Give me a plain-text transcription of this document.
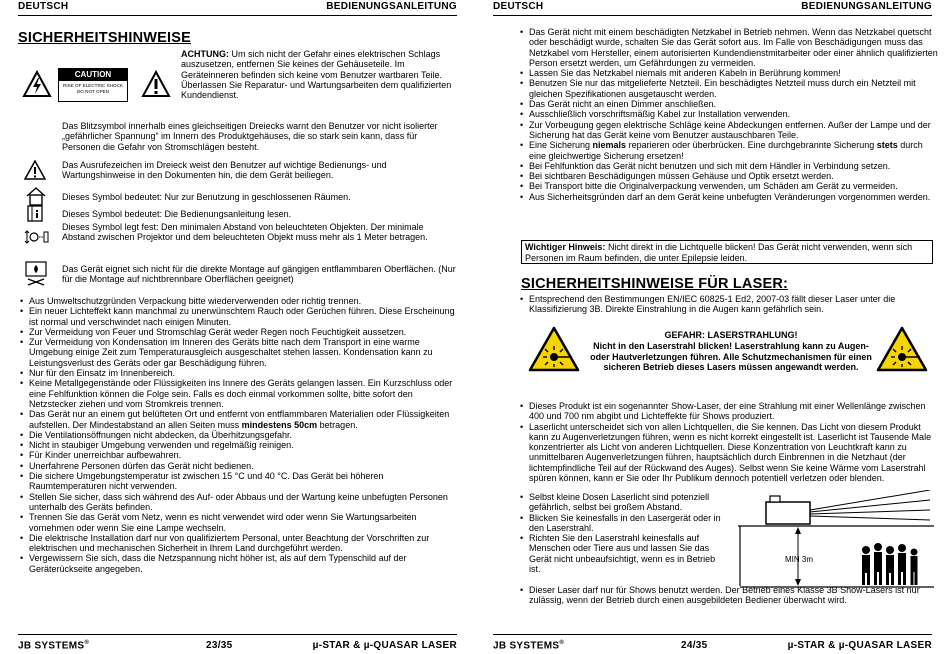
DEUTSCH	BEDIENUNGSANLEITUNG
SICHERHEITSHINWEISE
CAUTION
RISK OF ELECTRIC SHOCK DO NOT OPEN
ACHTUNG: Um sich nicht der Gefahr eines elektrischen Schlags auszusetzen, entfernen Sie keines der Gehäuseteile. Im Geräteinneren befinden sich keine vom Benutzer wartbaren Teile. Überlassen Sie Reparatur- und Wartungsarbeiten dem qualifizierten Kundendienst.
Das Blitzsymbol innerhalb eines gleichseitigen Dreiecks warnt den Benutzer vor nicht isolierter „gefährlicher Spannung“ im Innern des Produktgehäuses, die so stark sein kann, dass für Personen die Gefahr von Stromschlägen besteht.
Das Ausrufezeichen im Dreieck weist den Benutzer auf wichtige Bedienungs- und Wartungshinweise in den Dokumenten hin, die dem Gerät beiliegen.
Dieses Symbol bedeutet: Nur zur Benutzung in geschlossenen Räumen.
Dieses Symbol bedeutet: Die Bedienungsanleitung lesen.
Dieses Symbol legt fest: Den minimalen Abstand von beleuchteten Objekten. Der minimale Abstand zwischen Projektor und dem beleuchteten Objekt muss mehr als 1 Meter betragen.
Das Gerät eignet sich nicht für die direkte Montage auf gängigen entflammbaren Oberflächen. (Nur für die Montage auf nichtbrennbare Oberflächen geeignet)
• Aus Umweltschutzgründen Verpackung bitte wiederverwenden oder richtig trennen.
• Ein neuer Lichteffekt kann manchmal zu unerwünschtem Rauch oder Gerüchen führen. Diese Erscheinung ist normal und verschwindet nach einigen Minuten.
• Zur Vermeidung von Feuer und Stromschlag Gerät weder Regen noch Feuchtigkeit aussetzen.
• Zur Vermeidung von Kondensation im Inneren des Geräts bitte nach dem Transport in eine warme Umgebung einige Zeit zum Temperaturausgleich ausgeschaltet stehen lassen. Kondensation kann zu Leistungsverlust des Geräts oder gar Beschädigung führen.
• Nur für den Einsatz im Innenbereich.
• Keine Metallgegenstände oder Flüssigkeiten ins Innere des Geräts gelangen lassen. Ein Kurzschluss oder eine Fehlfunktion können die Folge sein. Falls es doch einmal vorkommen sollte, bitte sofort den Netzstecker ziehen und vom Stromkreis trennen.
• Das Gerät nur an einem gut belüfteten Ort und entfernt von entflammbaren Materialien oder Flüssigkeiten aufstellen. Der Mindestabstand an allen Seiten muss mindestens 50cm betragen.
• Die Ventilationsöffnungen nicht abdecken, da Überhitzungsgefahr.
• Nicht in staubiger Umgebung verwenden und regelmäßig reinigen.
• Für Kinder unerreichbar aufbewahren.
• Unerfahrene Personen dürfen das Gerät nicht bedienen.
• Die sichere Umgebungstemperatur ist zwischen 15 °C und 40 °C. Das Gerät bei höheren Raumtemperaturen nicht verwenden.
• Stellen Sie sicher, dass sich während des Auf- oder Abbaus und der Wartung keine unbefugten Personen unterhalb des Geräts befinden.
• Trennen Sie das Gerät vom Netz, wenn es nicht verwendet wird oder wenn Sie Wartungsarbeiten vornehmen oder wenn Sie eine Lampe wechseln.
• Die elektrische Installation darf nur von qualifiziertem Personal, unter Beachtung der Vorschriften zur elektrischen und mechanischen Sicherheit in Ihrem Land durchgeführt werden.
• Vergewissern Sie sich, dass die Netzspannung nicht höher ist, als auf dem Typenschild auf der Geräterückseite angegeben.
JB SYSTEMS®	23/35	µ-STAR & µ-QUASAR LASER
DEUTSCH	BEDIENUNGSANLEITUNG
• Das Gerät nicht mit einem beschädigten Netzkabel in Betrieb nehmen. Wenn das Netzkabel quetscht oder beschädigt wurde, schalten Sie das Gerät sofort aus. Im Falle von Beschädigungen muss das Netzkabel vom Hersteller, einem autorisierten Kundendienstmitarbeiter oder einer ähnlich qualifizierten Person ersetzt werden, um Gefährdungen zu vermeiden.
• Lassen Sie das Netzkabel niemals mit anderen Kabeln in Berührung kommen!
• Benutzen Sie nur das mitgelieferte Netzteil. Ein beschädigtes Netzteil muss durch ein Netzteil mit gleichen Spezifikationen ausgetauscht werden.
• Das Gerät nicht an einen Dimmer anschließen.
• Ausschließlich vorschriftsmäßig Kabel zur Installation verwenden.
• Zur Vorbeugung gegen elektrische Schläge keine Abdeckungen entfernen. Außer der Lampe und der Sicherung hat das Gerät keine vom Benutzer austauschbaren Teile.
• Eine Sicherung niemals reparieren oder überbrücken. Eine durchgebrannte Sicherung stets durch eine gleichwertige Sicherung ersetzen!
• Bei Fehlfunktion das Gerät nicht benutzen und sich mit dem Händler in Verbindung setzen.
• Bei sichtbaren Beschädigungen müssen Gehäuse und Optik ersetzt werden.
• Bei Transport bitte die Originalverpackung verwenden, um Schäden am Gerät zu vermeiden.
• Aus Sicherheitsgründen darf an dem Gerät keine unbefugten Veränderungen vorgenommen werden.
Wichtiger Hinweis: Nicht direkt in die Lichtquelle blicken! Das Gerät nicht verwenden, wenn sich Personen im Raum befinden, die unter Epilepsie leiden.
SICHERHEITSHINWEISE FÜR LASER:
• Entsprechend den Bestimmungen EN/IEC 60825-1 Ed2, 2007-03 fällt dieser Laser unter die Klassifizierung 3B. Direkte Einstrahlung in die Augen kann gefährlich sein.
GEFAHR: LASERSTRAHLUNG!
Nicht in den Laserstrahl blicken! Laserstrahlung kann zu Augen- oder Hautverletzungen führen. Alle Schutzmechanismen für einen sicheren Betrieb dieses Lasers müssen angewandt werden.
• Dieses Produkt ist ein sogenannter Show-Laser, der eine Strahlung mit einer Wellenlänge zwischen 400 und 700 nm abgibt und Lichteffekte für Shows produziert.
• Laserlicht unterscheidet sich von allen Lichtquellen, die Sie kennen. Das Licht von diesem Produkt kann zu Augenverletzungen führen, wenn es nicht korrekt eingestellt ist. Laserlicht ist Tausende Male konzentrierter als Licht von anderen Lichtquellen. Diese Konzentration von Leuchtkraft kann zu unmittelbaren Augenverletzungen führen, hauptsächlich durch Einbrennen in die Netzhaut (der lichtempfindliche Teil auf der Rückwand des Auges). Selbst wenn Sie keine Wärme vom Laserstrahl spüren können, kann er Sie oder Ihr Publikum dennoch potentiell verletzen oder blenden.
• Selbst kleine Dosen Laserlicht sind potenziell gefährlich, selbst bei großem Abstand.
• Blicken Sie keinesfalls in den Lasergerät oder in den Laserstrahl.
• Richten Sie den Laserstrahl keinesfalls auf Menschen oder Tiere aus und lassen Sie das Gerät nicht unbeaufsichtigt, wenn es in Betrieb ist.
MIN 3m
• Dieser Laser darf nur für Shows benutzt werden. Der Betrieb eines Klasse 3B Show-Lasers ist nur zulässig, wenn der Betrieb durch einen ausgebildeten Bediener überwacht wird.
JB SYSTEMS®	24/35	µ-STAR & µ-QUASAR LASER
